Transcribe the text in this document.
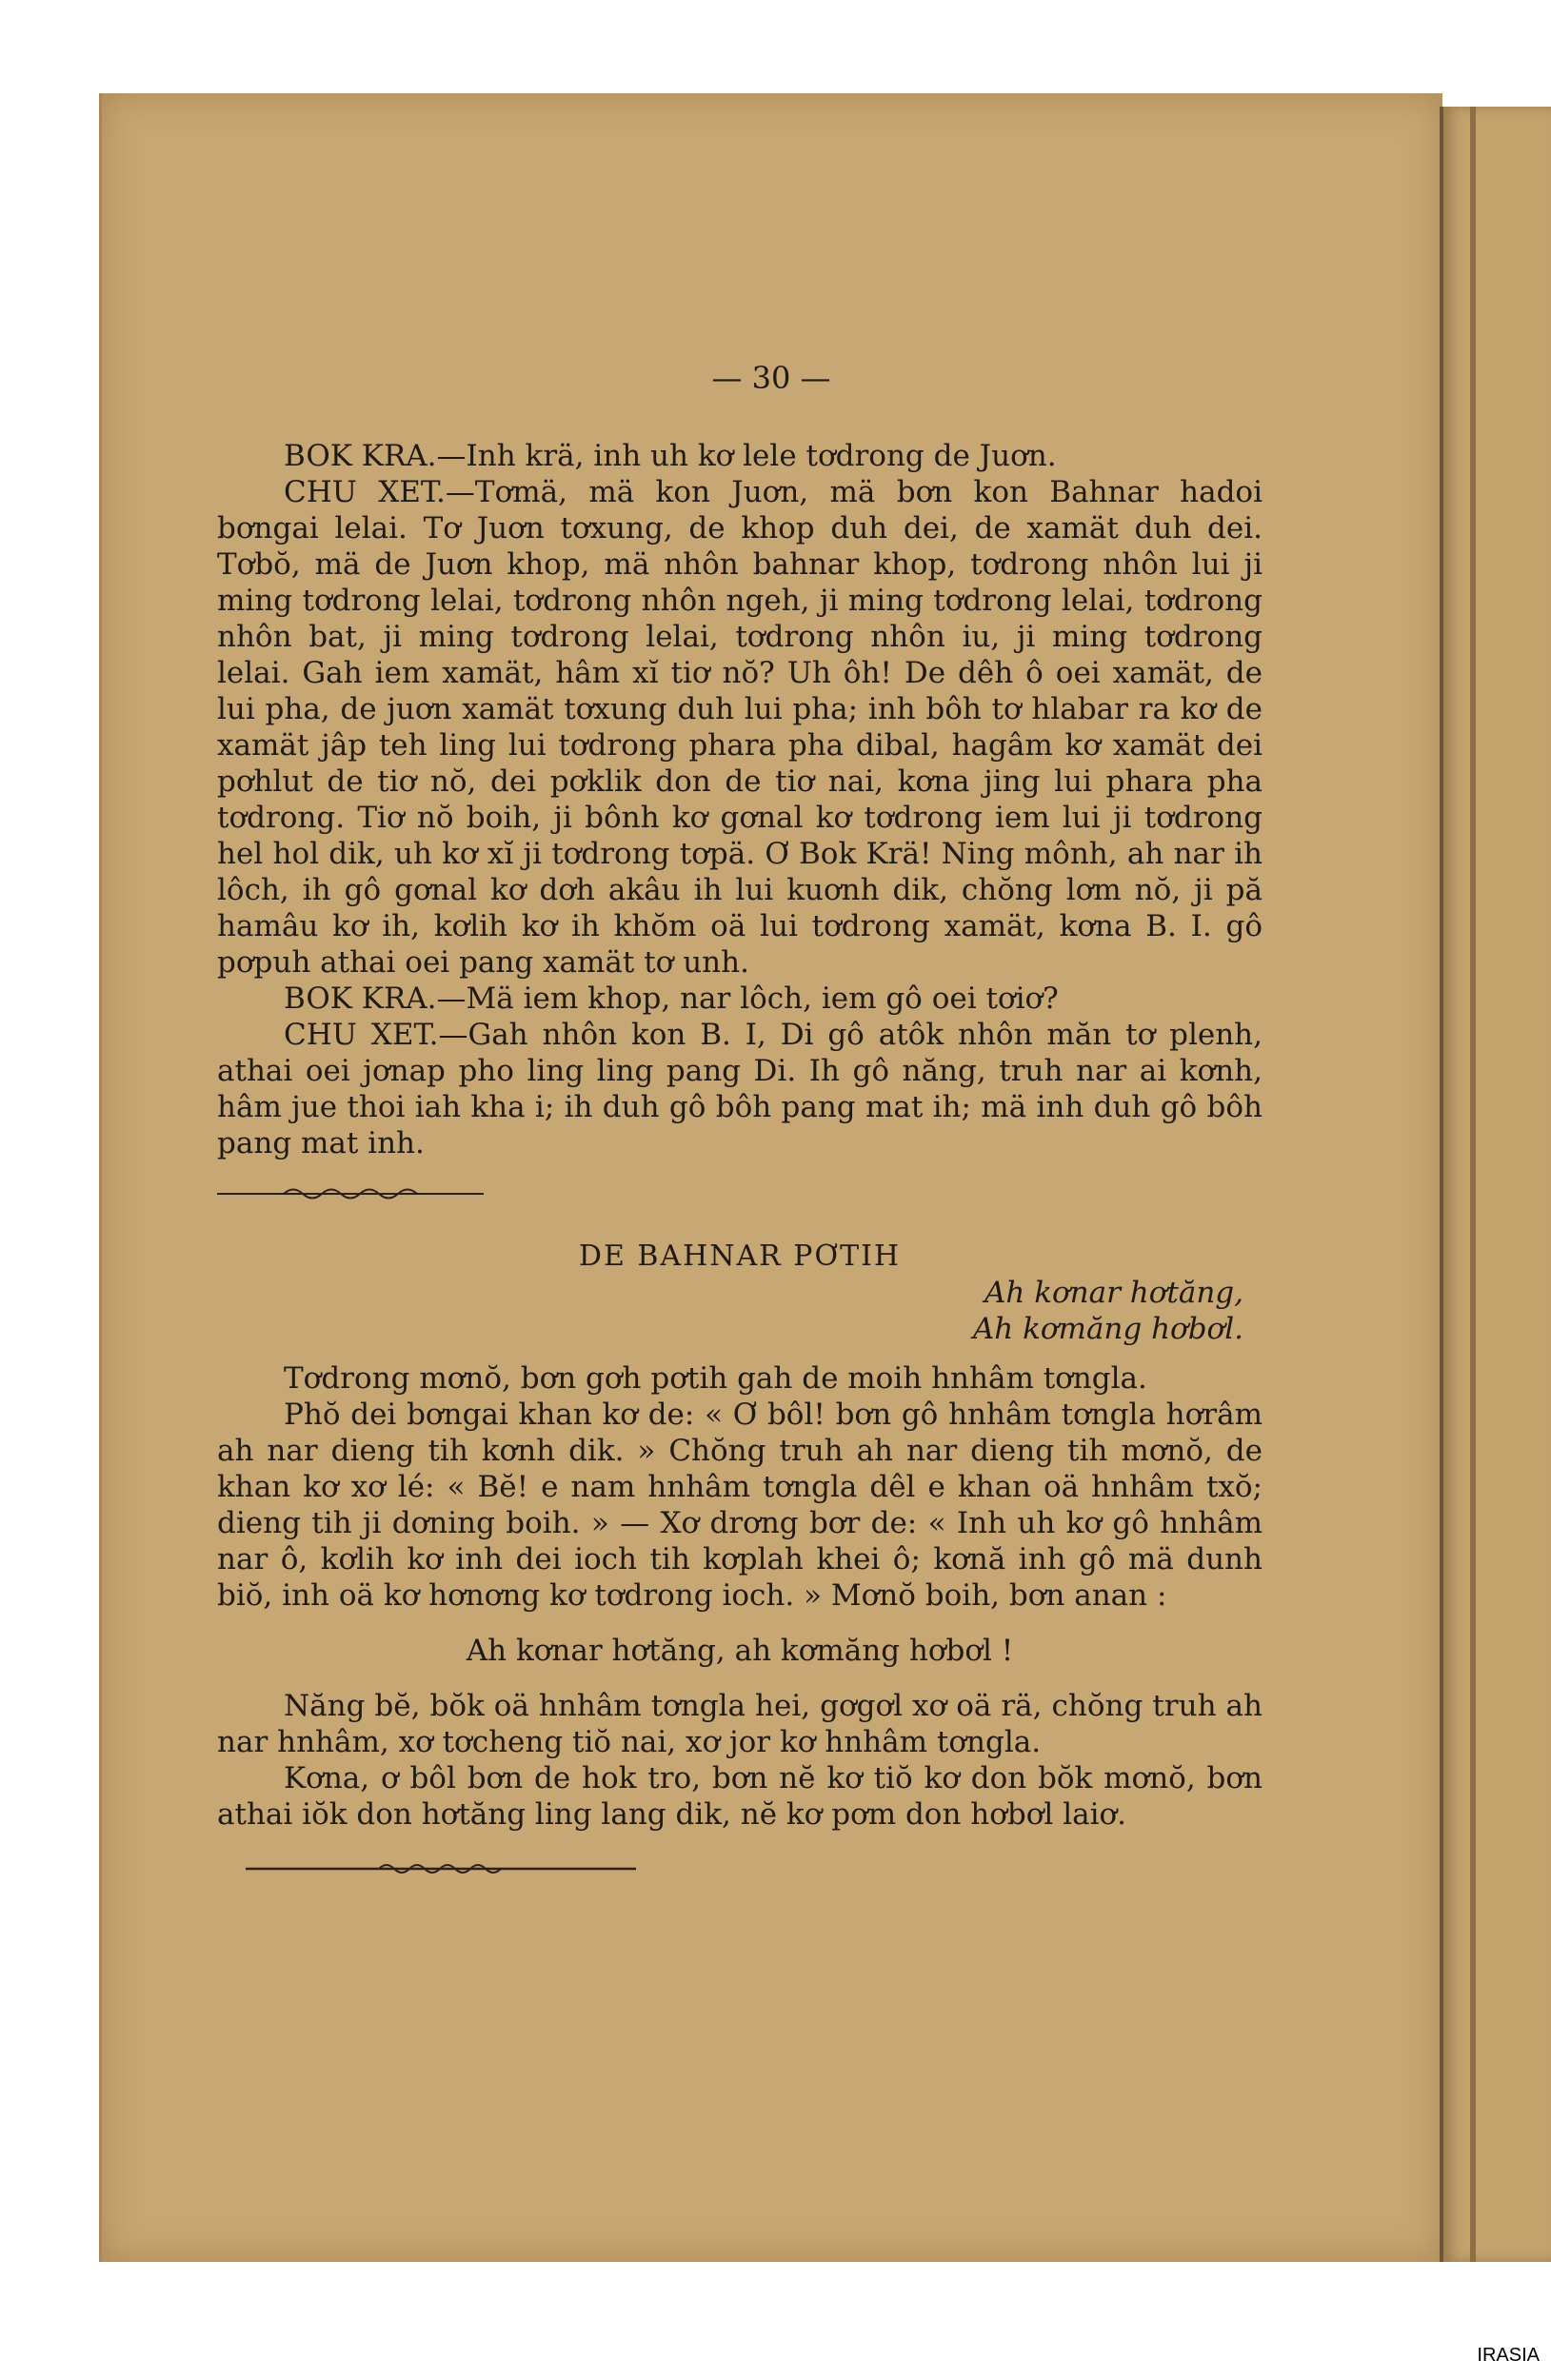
— 30 —

BOK KRA.—Inh krä, inh uh kơ lele tơdrong de Juơn.

CHU XET.—Tơmä, mä kon Juơn, mä bơn kon Bahnar hadoi bơngai lelai. Tơ Juơn tơxung, de khop duh dei, de xamät duh dei. Tơbŏ, mä de Juơn khop, mä nhôn bahnar khop, tơdrong nhôn lui ji ming tơdrong lelai, tơdrong nhôn ngeh, ji ming tơdrong lelai, tơdrong nhôn bat, ji ming tơdrong lelai, tơdrong nhôn iu, ji ming tơdrong lelai. Gah iem xamät, hâm xĭ tiơ nŏ? Uh ôh! De dêh ô oei xamät, de lui pha, de juơn xamät tơxung duh lui pha; inh bôh tơ hlabar ra kơ de xamät jâp teh ling lui tơdrong phara pha dibal, hagâm kơ xamät dei pơhlut de tiơ nŏ, dei pơklik don de tiơ nai, kơna jing lui phara pha tơdrong. Tiơ nŏ boih, ji bônh kơ gơnal kơ tơdrong iem lui ji tơdrong hel hol dik, uh kơ xĭ ji tơdrong tơpä. Ơ Bok Krä! Ning mônh, ah nar ih lôch, ih gô gơnal kơ dơh akâu ih lui kuơnh dik, chŏng lơm nŏ, ji pă hamâu kơ ih, kơlih kơ ih khŏm oä lui tơdrong xamät, kơna B. I. gô pơpuh athai oei pang xamät tơ unh.

BOK KRA.—Mä iem khop, nar lôch, iem gô oei tơiơ?

CHU XET.—Gah nhôn kon B. I, Di gô atôk nhôn măn tơ plenh, athai oei jơnap pho ling ling pang Di. Ih gô năng, truh nar ai kơnh, hâm jue thoi iah kha i; ih duh gô bôh pang mat ih; mä inh duh gô bôh pang mat inh.

DE BAHNAR PƠTIH
Ah kơnar hơtăng,
Ah kơmăng hơbơl.

Tơdrong mơnŏ, bơn gơh pơtih gah de moih hnhâm tơngla.

Phŏ dei bơngai khan kơ de: « Ơ bôl! bơn gô hnhâm tơngla hơrâm ah nar dieng tih kơnh dik. » Chŏng truh ah nar dieng tih mơnŏ, de khan kơ xơ lé: « Bĕ! e nam hnhâm tơngla dêl e khan oä hnhâm txŏ; dieng tih ji dơning boih. » — Xơ drơng bơr de: « Inh uh kơ gô hnhâm nar ô, kơlih kơ inh dei ioch tih kơplah khei ô; kơnă inh gô mä dunh biŏ, inh oä kơ hơnơng kơ tơdrong ioch. » Mơnŏ boih, bơn anan :

Ah kơnar hơtăng, ah kơmăng hơbơl !

Năng bĕ, bŏk oä hnhâm tơngla hei, gơgơl xơ oä rä, chŏng truh ah nar hnhâm, xơ tơcheng tiŏ nai, xơ jor kơ hnhâm tơngla.

Kơna, ơ bôl bơn de hok tro, bơn nĕ kơ tiŏ kơ don bŏk mơnŏ, bơn athai iŏk don hơtăng ling lang dik, nĕ kơ pơm don hơbơl laiơ.

IRASIA
